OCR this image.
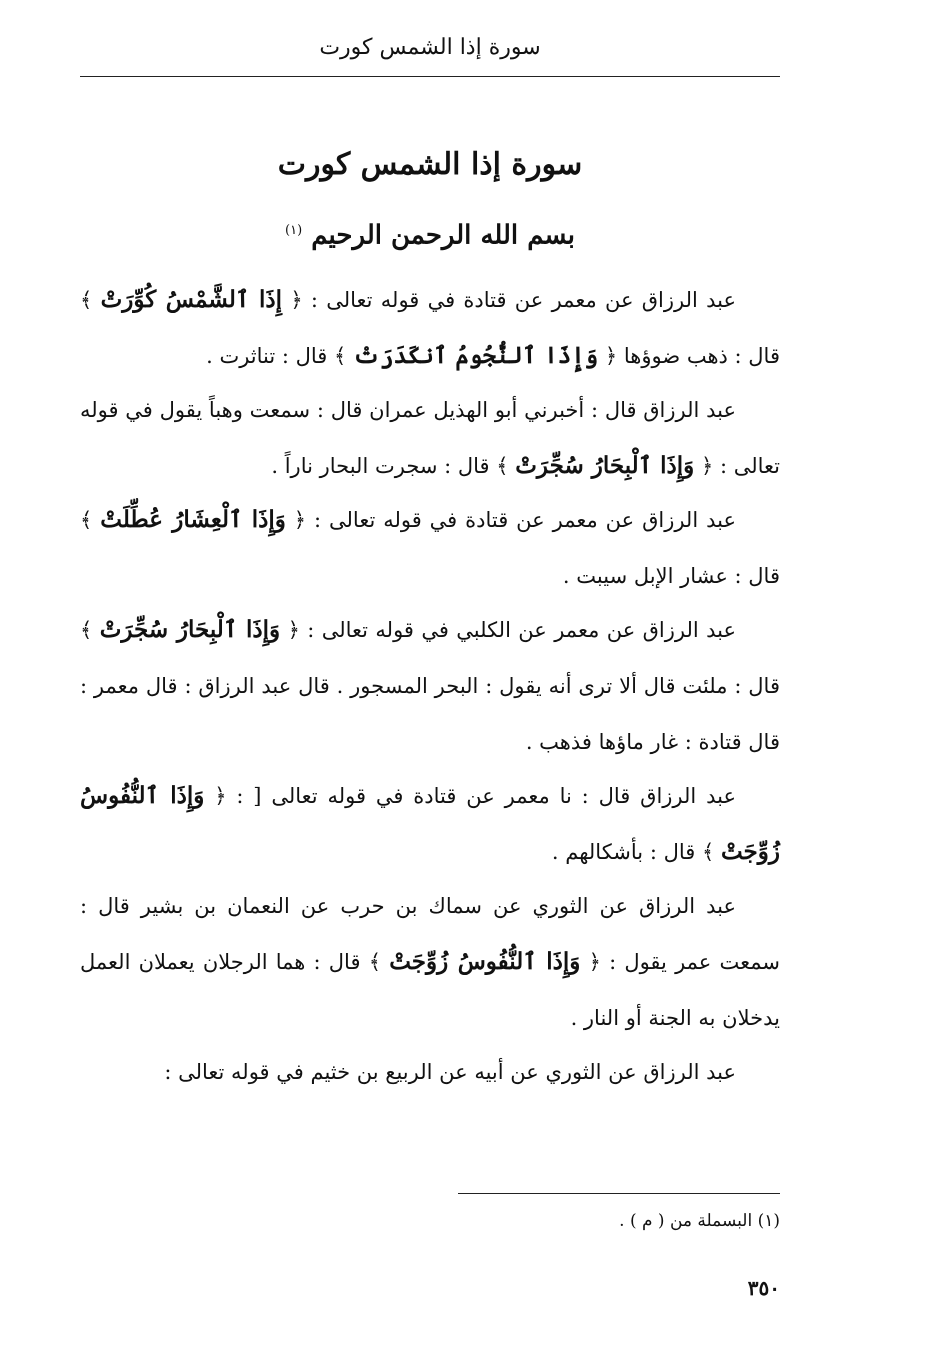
سورة إذا الشمس كورت
سورة إذا الشمس كورت
بسم الله الرحمن الرحيم $^{(١)}$

عبد الرزاق عن معمر عن قتادة في قوله تعالى : ﴿ إِذَا ٱلشَّمْسُ كُوِّرَتْ ﴾ قال : ذهب ضوؤها ﴿ وَإِذَا ٱلنُّجُومُ ٱنكَدَرَتْ ﴾ قال : تناثرت .

عبد الرزاق قال : أخبرني أبو الهذيل عمران قال : سمعت وهباً يقول في قوله تعالى : ﴿ وَإِذَا ٱلْبِحَارُ سُجِّرَتْ ﴾ قال : سجرت البحار ناراً .

عبد الرزاق عن معمر عن قتادة في قوله تعالى : ﴿ وَإِذَا ٱلْعِشَارُ عُطِّلَتْ ﴾ قال : عشار الإبل سيبت .

عبد الرزاق عن معمر عن الكلبي في قوله تعالى : ﴿ وَإِذَا ٱلْبِحَارُ سُجِّرَتْ ﴾ قال : ملئت قال ألا ترى أنه يقول : البحر المسجور . قال عبد الرزاق : قال معمر : قال قتادة : غار ماؤها فذهب .

عبد الرزاق قال : نا معمر عن قتادة في قوله تعالى [ : ﴿ وَإِذَا ٱلنُّفُوسُ زُوِّجَتْ ﴾ قال : بأشكالهم .

عبد الرزاق عن الثوري عن سماك بن حرب عن النعمان بن بشير قال : سمعت عمر يقول : ﴿ وَإِذَا ٱلنُّفُوسُ زُوِّجَتْ ﴾ قال : هما الرجلان يعملان العمل يدخلان به الجنة أو النار .

عبد الرزاق عن الثوري عن أبيه عن الربيع بن خثيم في قوله تعالى :

(١) البسملة من ( م ) .
٣٥٠
